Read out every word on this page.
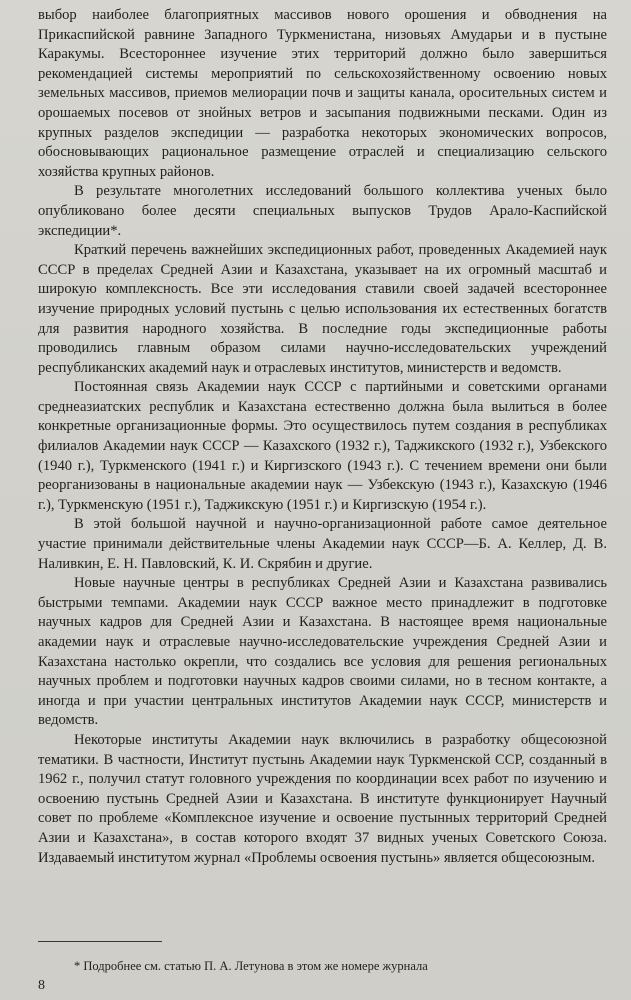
выбор наиболее благоприятных массивов нового орошения и обводнения на Прикаспийской равнине Западного Туркменистана, низовьях Амударьи и в пустыне Каракумы. Всестороннее изучение этих территорий должно было завершиться рекомендацией системы мероприятий по сельскохозяйственному освоению новых земельных массивов, приемов мелиорации почв и защиты канала, оросительных систем и орошаемых посевов от знойных ветров и засыпания подвижными песками. Один из крупных разделов экспедиции — разработка некоторых экономических вопросов, обосновывающих рациональное размещение отраслей и специализацию сельского хозяйства крупных районов.

В результате многолетних исследований большого коллектива ученых было опубликовано более десяти специальных выпусков Трудов Арало-Каспийской экспедиции*.

Краткий перечень важнейших экспедиционных работ, проведенных Академией наук СССР в пределах Средней Азии и Казахстана, указывает на их огромный масштаб и широкую комплексность. Все эти исследования ставили своей задачей всестороннее изучение природных условий пустынь с целью использования их естественных богатств для развития народного хозяйства. В последние годы экспедиционные работы проводились главным образом силами научно-исследовательских учреждений республиканских академий наук и отраслевых институтов, министерств и ведомств.

Постоянная связь Академии наук СССР с партийными и советскими органами среднеазиатских республик и Казахстана естественно должна была вылиться в более конкретные организационные формы. Это осуществилось путем создания в республиках филиалов Академии наук СССР — Казахского (1932 г.), Таджикского (1932 г.), Узбекского (1940 г.), Туркменского (1941 г.) и Киргизского (1943 г.). С течением времени они были реорганизованы в национальные академии наук — Узбекскую (1943 г.), Казахскую (1946 г.), Туркменскую (1951 г.), Таджикскую (1951 г.) и Киргизскую (1954 г.).

В этой большой научной и научно-организационной работе самое деятельное участие принимали действительные члены Академии наук СССР—Б. А. Келлер, Д. В. Наливкин, Е. Н. Павловский, К. И. Скрябин и другие.

Новые научные центры в республиках Средней Азии и Казахстана развивались быстрыми темпами. Академии наук СССР важное место принадлежит в подготовке научных кадров для Средней Азии и Казахстана. В настоящее время национальные академии наук и отраслевые научно-исследовательские учреждения Средней Азии и Казахстана настолько окрепли, что создались все условия для решения региональных научных проблем и подготовки научных кадров своими силами, но в тесном контакте, а иногда и при участии центральных институтов Академии наук СССР, министерств и ведомств.

Некоторые институты Академии наук включились в разработку общесоюзной тематики. В частности, Институт пустынь Академии наук Туркменской ССР, созданный в 1962 г., получил статут головного учреждения по координации всех работ по изучению и освоению пустынь Средней Азии и Казахстана. В институте функционирует Научный совет по проблеме «Комплексное изучение и освоение пустынных территорий Средней Азии и Казахстана», в состав которого входят 37 видных ученых Советского Союза. Издаваемый институтом журнал «Проблемы освоения пустынь» является общесоюзным.

* Подробнее см. статью П. А. Летунова в этом же номере журнала

8
